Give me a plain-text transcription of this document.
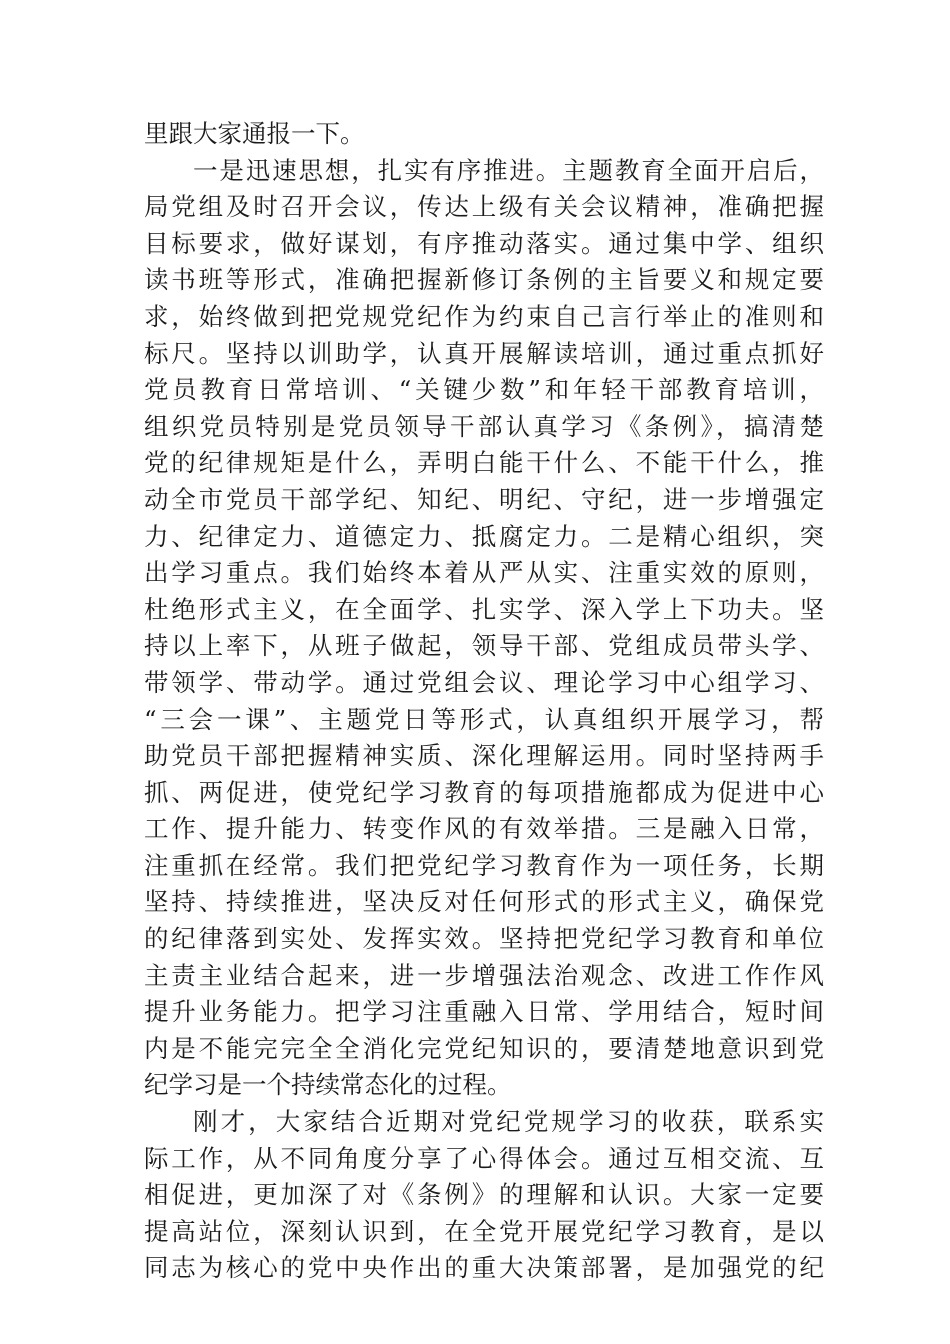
里跟大家通报一下。
一是迅速思想，扎实有序推进。主题教育全面开启后，
局党组及时召开会议，传达上级有关会议精神，准确把握
目标要求，做好谋划，有序推动落实。通过集中学、组织
读书班等形式，准确把握新修订条例的主旨要义和规定要
求，始终做到把党规党纪作为约束自己言行举止的准则和
标尺。坚持以训助学，认真开展解读培训，通过重点抓好
党员教育日常培训、“关键少数”和年轻干部教育培训，
组织党员特别是党员领导干部认真学习《条例》，搞清楚
党的纪律规矩是什么，弄明白能干什么、不能干什么，推
动全市党员干部学纪、知纪、明纪、守纪，进一步增强定
力、纪律定力、道德定力、抵腐定力。二是精心组织，突
出学习重点。我们始终本着从严从实、注重实效的原则，
杜绝形式主义，在全面学、扎实学、深入学上下功夫。坚
持以上率下，从班子做起，领导干部、党组成员带头学、
带领学、带动学。通过党组会议、理论学习中心组学习、
“三会一课”、主题党日等形式，认真组织开展学习，帮
助党员干部把握精神实质、深化理解运用。同时坚持两手
抓、两促进，使党纪学习教育的每项措施都成为促进中心
工作、提升能力、转变作风的有效举措。三是融入日常，
注重抓在经常。我们把党纪学习教育作为一项任务，长期
坚持、持续推进，坚决反对任何形式的形式主义，确保党
的纪律落到实处、发挥实效。坚持把党纪学习教育和单位
主责主业结合起来，进一步增强法治观念、改进工作作风
提升业务能力。把学习注重融入日常、学用结合，短时间
内是不能完完全全消化完党纪知识的，要清楚地意识到党
纪学习是一个持续常态化的过程。
刚才，大家结合近期对党纪党规学习的收获，联系实
际工作，从不同角度分享了心得体会。通过互相交流、互
相促进，更加深了对《条例》的理解和认识。大家一定要
提高站位，深刻认识到，在全党开展党纪学习教育，是以
同志为核心的党中央作出的重大决策部署，是加强党的纪
